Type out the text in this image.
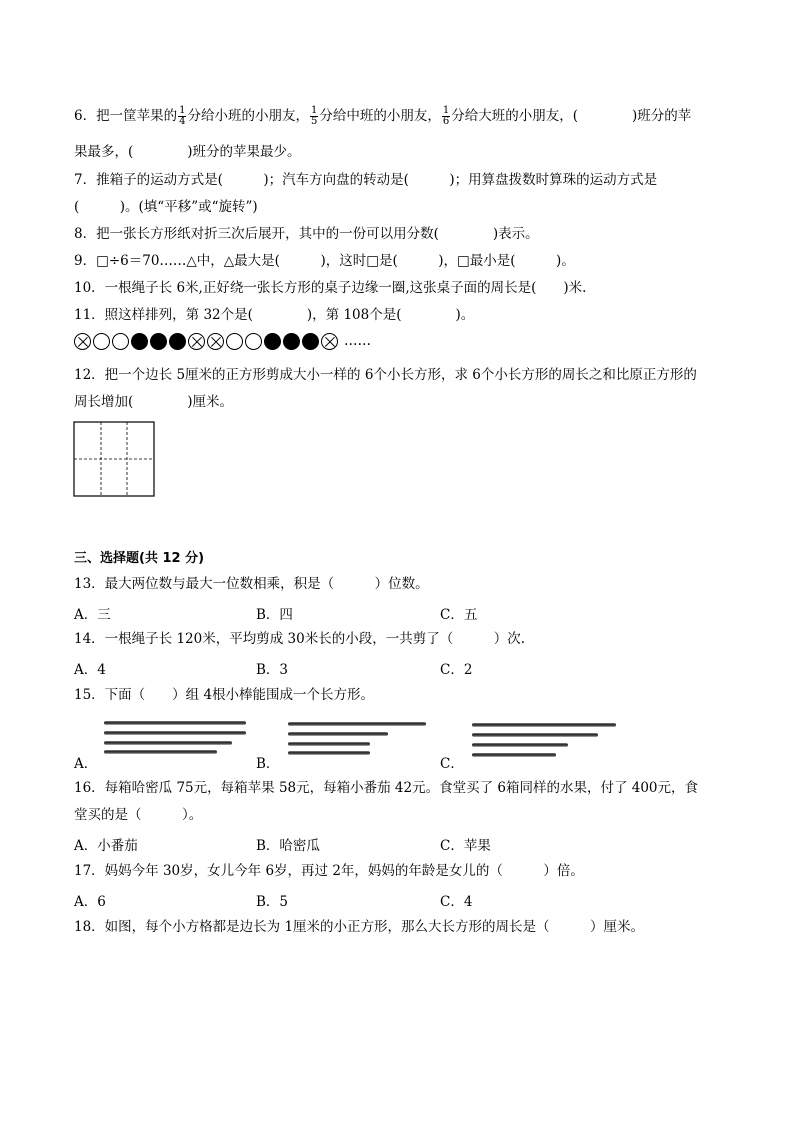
6．把一筐苹果的 $\frac{1}{4}$ 分给小班的小朋友， $\frac{1}{5}$ 分给中班的小朋友， $\frac{1}{6}$ 分给大班的小朋友，(　　　　)班分的苹
果最多，(　　　　)班分的苹果最少。
7．推箱子的运动方式是(　　　)；汽车方向盘的转动是(　　　)；用算盘拨数时算珠的运动方式是
(　　　)。(填“平移”或“旋转”)
8．把一张长方形纸对折三次后展开，其中的一份可以用分数(　　　　)表示。
9．□÷6＝70……△中，△最大是(　　　)，这时□是(　　　)，□最小是(　　　)。
10．一根绳子长 6米,正好绕一张长方形的桌子边缘一圈,这张桌子面的周长是(　　)米.
11．照这样排列，第 32个是(　　　　)，第 108个是(　　　　)。
……
12．把一个边长 5厘米的正方形剪成大小一样的 6个小长方形，求 6个小长方形的周长之和比原正方形的
周长增加(　　　　)厘米。
三、选择题(共 12 分)
13．最大两位数与最大一位数相乘，积是（　　　）位数。
A．三	B．四	C．五
14．一根绳子长 120米，平均剪成 30米长的小段，一共剪了（　　　）次.
A．4	B．3	C．2
15．下面（　　）组 4根小棒能围成一个长方形。
A．	B．	C．
16．每箱哈密瓜 75元，每箱苹果 58元，每箱小番茄 42元。食堂买了 6箱同样的水果，付了 400元，食
堂买的是（　　　）。
A．小番茄	B．哈密瓜	C．苹果
17．妈妈今年 30岁，女儿今年 6岁，再过 2年，妈妈的年龄是女儿的（　　　）倍。
A．6	B．5	C．4
18．如图，每个小方格都是边长为 1厘米的小正方形，那么大长方形的周长是（　　　）厘米。
